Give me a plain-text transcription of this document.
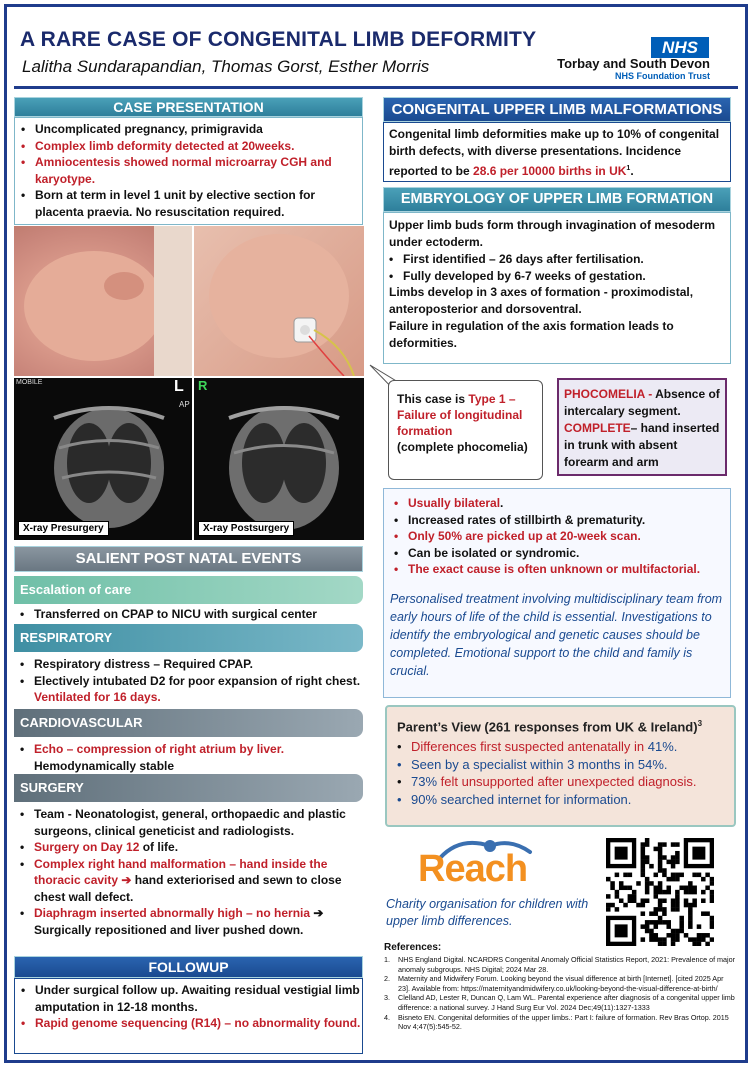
A RARE CASE OF CONGENITAL LIMB DEFORMITY
Lalitha Sundarapandian, Thomas Gorst, Esther Morris
NHS
Torbay and South Devon
NHS Foundation Trust
CASE PRESENTATION
• Uncomplicated pregnancy, primigravida
• Complex limb deformity detected at 20weeks.
• Amniocentesis showed normal microarray CGH and karyotype.
• Born at term in level 1 unit by elective section for placenta praevia. No resuscitation required.
MOBILE	L
AP
X-ray Presurgery
R
X-ray Postsurgery
SALIENT POST NATAL EVENTS
Escalation of care
• Transferred on CPAP to NICU with surgical center
RESPIRATORY
• Respiratory distress – Required CPAP.
• Electively intubated D2 for poor expansion of right chest. Ventilated for 16 days.
CARDIOVASCULAR
• Echo – compression of right atrium by liver.
Hemodynamically stable
SURGERY
• Team - Neonatologist, general, orthopaedic and plastic surgeons, clinical geneticist and radiologists.
• Surgery on Day 12 of life.
• Complex right hand malformation – hand inside the thoracic cavity ➔ hand exteriorised and sewn to close chest wall defect.
• Diaphragm inserted abnormally high – no hernia ➔ Surgically repositioned and liver pushed down.
FOLLOWUP
• Under surgical follow up. Awaiting residual vestigial limb amputation in 12-18 months.
• Rapid genome sequencing (R14) – no abnormality found.
CONGENITAL UPPER LIMB MALFORMATIONS
Congenital limb deformities make up to 10% of congenital birth defects, with diverse presentations. Incidence reported to be 28.6 per 10000 births in $UK^1$.
EMBRYOLOGY OF UPPER LIMB FORMATION
Upper limb buds form through invagination of mesoderm under ectoderm.
• First identified – 26 days after fertilisation.
• Fully developed by 6-7 weeks of gestation.
Limbs develop in 3 axes of formation - proximodistal, anteroposterior and dorsoventral.
Failure in regulation of the axis formation leads to deformities.
This case is Type 1 – Failure of longitudinal formation
(complete phocomelia)
PHOCOMELIA - Absence of intercalary segment.
COMPLETE– hand inserted in trunk with absent forearm and arm
• Usually bilateral.
• Increased rates of stillbirth & prematurity.
• Only 50% are picked up at 20-week scan.
• Can be isolated or syndromic.
• The exact cause is often unknown or multifactorial.
Personalised treatment involving multidisciplinary team from early hours of life of the child is essential. Investigations to identify the embryological and genetic causes should be completed. Emotional support to the child and family is crucial.
Parent’s View (261 responses from UK & Ireland)$^3$
• Differences first suspected antenatally in 41%.
• Seen by a specialist within 3 months in 54%.
• 73% felt unsupported after unexpected diagnosis.
• 90% searched internet for information.
Reach
Charity organisation for children with upper limb differences.
References:
1. NHS England Digital. NCARDRS Congenital Anomaly Official Statistics Report, 2021: Prevalence of major anomaly subgroups. NHS Digital; 2024 Mar 28.
2. Maternity and Midwifery Forum. Looking beyond the visual difference at birth [Internet]. [cited 2025 Apr 23]. Available from: https://maternityandmidwifery.co.uk/looking-beyond-the-visual-difference-at-birth/
3. Clelland AD, Lester R, Duncan Q, Lam WL. Parental experience after diagnosis of a congenital upper limb difference: a national survey. J Hand Surg Eur Vol. 2024 Dec;49(11):1327-1333
4. Bisneto EN. Congenital deformities of the upper limbs.: Part I: failure of formation. Rev Bras Ortop. 2015 Nov 4;47(5):545-52.
